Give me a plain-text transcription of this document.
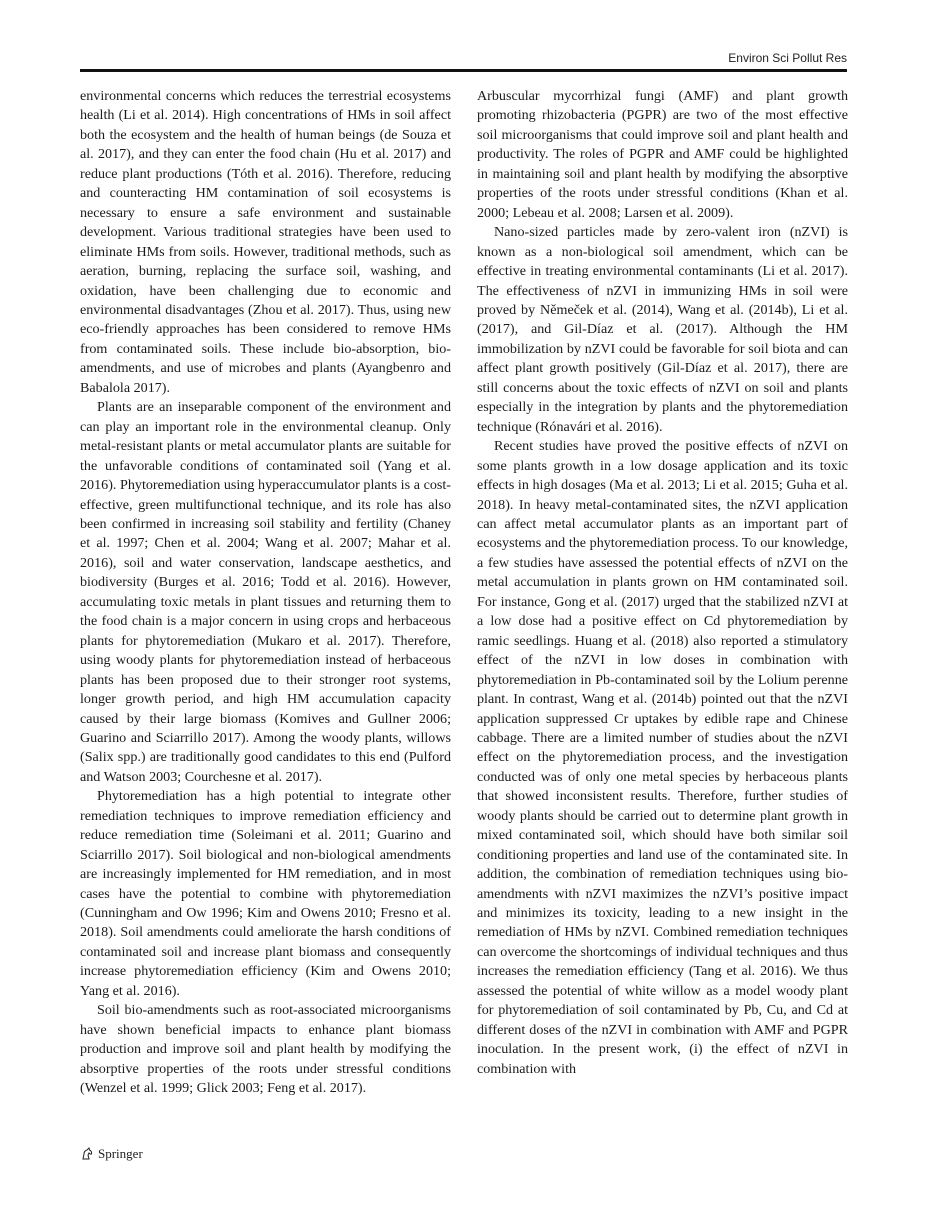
Environ Sci Pollut Res

environmental concerns which reduces the terrestrial ecosystems health (Li et al. 2014). High concentrations of HMs in soil affect both the ecosystem and the health of human beings (de Souza et al. 2017), and they can enter the food chain (Hu et al. 2017) and reduce plant productions (Tóth et al. 2016). Therefore, reducing and counteracting HM contamination of soil ecosystems is necessary to ensure a safe environment and sustainable development. Various traditional strategies have been used to eliminate HMs from soils. However, traditional methods, such as aeration, burning, replacing the surface soil, washing, and oxidation, have been challenging due to economic and environmental disadvantages (Zhou et al. 2017). Thus, using new eco-friendly approaches has been considered to remove HMs from contaminated soils. These include bio-absorption, bio-amendments, and use of microbes and plants (Ayangbenro and Babalola 2017).

Plants are an inseparable component of the environment and can play an important role in the environmental cleanup. Only metal-resistant plants or metal accumulator plants are suitable for the unfavorable conditions of contaminated soil (Yang et al. 2016). Phytoremediation using hyperaccumulator plants is a cost-effective, green multifunctional technique, and its role has also been confirmed in increasing soil stability and fertility (Chaney et al. 1997; Chen et al. 2004; Wang et al. 2007; Mahar et al. 2016), soil and water conservation, landscape aesthetics, and biodiversity (Burges et al. 2016; Todd et al. 2016). However, accumulating toxic metals in plant tissues and returning them to the food chain is a major concern in using crops and herbaceous plants for phytoremediation (Mukaro et al. 2017). Therefore, using woody plants for phytoremediation instead of herbaceous plants has been proposed due to their stronger root systems, longer growth period, and high HM accumulation capacity caused by their large biomass (Komives and Gullner 2006; Guarino and Sciarrillo 2017). Among the woody plants, willows (Salix spp.) are traditionally good candidates to this end (Pulford and Watson 2003; Courchesne et al. 2017).

Phytoremediation has a high potential to integrate other remediation techniques to improve remediation efficiency and reduce remediation time (Soleimani et al. 2011; Guarino and Sciarrillo 2017). Soil biological and non-biological amendments are increasingly implemented for HM remediation, and in most cases have the potential to combine with phytoremediation (Cunningham and Ow 1996; Kim and Owens 2010; Fresno et al. 2018). Soil amendments could ameliorate the harsh conditions of contaminated soil and increase plant biomass and consequently increase phytoremediation efficiency (Kim and Owens 2010; Yang et al. 2016).

Soil bio-amendments such as root-associated microorganisms have shown beneficial impacts to enhance plant biomass production and improve soil and plant health by modifying the absorptive properties of the roots under stressful conditions (Wenzel et al. 1999; Glick 2003; Feng et al. 2017).

Arbuscular mycorrhizal fungi (AMF) and plant growth promoting rhizobacteria (PGPR) are two of the most effective soil microorganisms that could improve soil and plant health and productivity. The roles of PGPR and AMF could be highlighted in maintaining soil and plant health by modifying the absorptive properties of the roots under stressful conditions (Khan et al. 2000; Lebeau et al. 2008; Larsen et al. 2009).

Nano-sized particles made by zero-valent iron (nZVI) is known as a non-biological soil amendment, which can be effective in treating environmental contaminants (Li et al. 2017). The effectiveness of nZVI in immunizing HMs in soil were proved by Němeček et al. (2014), Wang et al. (2014b), Li et al. (2017), and Gil-Díaz et al. (2017). Although the HM immobilization by nZVI could be favorable for soil biota and can affect plant growth positively (Gil-Díaz et al. 2017), there are still concerns about the toxic effects of nZVI on soil and plants especially in the integration by plants and the phytoremediation technique (Rónavári et al. 2016).

Recent studies have proved the positive effects of nZVI on some plants growth in a low dosage application and its toxic effects in high dosages (Ma et al. 2013; Li et al. 2015; Guha et al. 2018). In heavy metal-contaminated sites, the nZVI application can affect metal accumulator plants as an important part of ecosystems and the phytoremediation process. To our knowledge, a few studies have assessed the potential effects of nZVI on the metal accumulation in plants grown on HM contaminated soil. For instance, Gong et al. (2017) urged that the stabilized nZVI at a low dose had a positive effect on Cd phytoremediation by ramic seedlings. Huang et al. (2018) also reported a stimulatory effect of the nZVI in low doses in combination with phytoremediation in Pb-contaminated soil by the Lolium perenne plant. In contrast, Wang et al. (2014b) pointed out that the nZVI application suppressed Cr uptakes by edible rape and Chinese cabbage. There are a limited number of studies about the nZVI effect on the phytoremediation process, and the investigation conducted was of only one metal species by herbaceous plants that showed inconsistent results. Therefore, further studies of woody plants should be carried out to determine plant growth in mixed contaminated soil, which should have both similar soil conditioning properties and land use of the contaminated site. In addition, the combination of remediation techniques using bio-amendments with nZVI maximizes the nZVI’s positive impact and minimizes its toxicity, leading to a new insight in the remediation of HMs by nZVI. Combined remediation techniques can overcome the shortcomings of individual techniques and thus increases the remediation efficiency (Tang et al. 2016). We thus assessed the potential of white willow as a model woody plant for phytoremediation of soil contaminated by Pb, Cu, and Cd at different doses of the nZVI in combination with AMF and PGPR inoculation. In the present work, (i) the effect of nZVI in combination with

Springer
